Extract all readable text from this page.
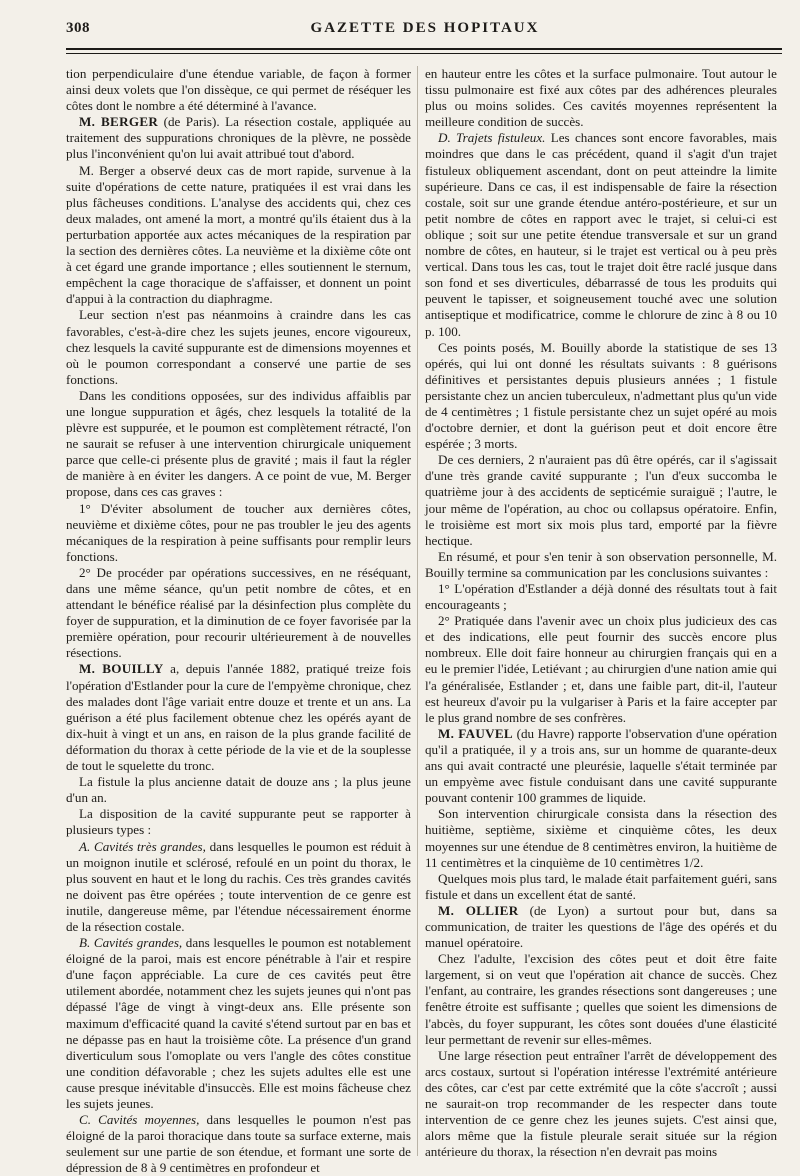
308	GAZETTE DES HOPITAUX

tion perpendiculaire d'une étendue variable, de façon à former ainsi deux volets que l'on dissèque, ce qui permet de réséquer les côtes dont le nombre a été déterminé à l'avance.

M. BERGER (de Paris). La résection costale, appliquée au traitement des suppurations chroniques de la plèvre, ne possède plus l'inconvénient qu'on lui avait attribué tout d'abord.

M. Berger a observé deux cas de mort rapide, survenue à la suite d'opérations de cette nature, pratiquées il est vrai dans les plus fâcheuses conditions. L'analyse des accidents qui, chez ces deux malades, ont amené la mort, a montré qu'ils étaient dus à la perturbation apportée aux actes mécaniques de la respiration par la section des dernières côtes. La neuvième et la dixième côte ont à cet égard une grande importance ; elles soutiennent le sternum, empêchent la cage thoracique de s'affaisser, et donnent un point d'appui à la contraction du diaphragme.

Leur section n'est pas néanmoins à craindre dans les cas favorables, c'est-à-dire chez les sujets jeunes, encore vigoureux, chez lesquels la cavité suppurante est de dimensions moyennes et où le poumon correspondant a conservé une partie de ses fonctions.

Dans les conditions opposées, sur des individus affaiblis par une longue suppuration et âgés, chez lesquels la totalité de la plèvre est suppurée, et le poumon est complètement rétracté, l'on ne saurait se refuser à une intervention chirurgicale uniquement parce que celle-ci présente plus de gravité ; mais il faut la régler de manière à en éviter les dangers. A ce point de vue, M. Berger propose, dans ces cas graves :

1° D'éviter absolument de toucher aux dernières côtes, neuvième et dixième côtes, pour ne pas troubler le jeu des agents mécaniques de la respiration à peine suffisants pour remplir leurs fonctions.

2° De procéder par opérations successives, en ne réséquant, dans une même séance, qu'un petit nombre de côtes, et en attendant le bénéfice réalisé par la désinfection plus complète du foyer de suppuration, et la diminution de ce foyer favorisée par la première opération, pour recourir ultérieurement à de nouvelles résections.

M. BOUILLY a, depuis l'année 1882, pratiqué treize fois l'opération d'Estlander pour la cure de l'empyème chronique, chez des malades dont l'âge variait entre douze et trente et un ans. La guérison a été plus facilement obtenue chez les opérés ayant de dix-huit à vingt et un ans, en raison de la plus grande facilité de déformation du thorax à cette période de la vie et de la souplesse de tout le squelette du tronc.

La fistule la plus ancienne datait de douze ans ; la plus jeune d'un an.

La disposition de la cavité suppurante peut se rapporter à plusieurs types :

A. Cavités très grandes, dans lesquelles le poumon est réduit à un moignon inutile et sclérosé, refoulé en un point du thorax, le plus souvent en haut et le long du rachis. Ces très grandes cavités ne doivent pas être opérées ; toute intervention de ce genre est inutile, dangereuse même, par l'étendue nécessairement énorme de la résection costale.

B. Cavités grandes, dans lesquelles le poumon est notablement éloigné de la paroi, mais est encore pénétrable à l'air et respire d'une façon appréciable. La cure de ces cavités peut être utilement abordée, notamment chez les sujets jeunes qui n'ont pas dépassé l'âge de vingt à vingt-deux ans. Elle présente son maximum d'efficacité quand la cavité s'étend surtout par en bas et ne dépasse pas en haut la troisième côte. La présence d'un grand diverticulum sous l'omoplate ou vers l'angle des côtes constitue une condition défavorable ; chez les sujets adultes elle est une cause presque inévitable d'insuccès. Elle est moins fâcheuse chez les sujets jeunes.

C. Cavités moyennes, dans lesquelles le poumon n'est pas éloigné de la paroi thoracique dans toute sa surface externe, mais seulement sur une partie de son étendue, et formant une sorte de dépression de 8 à 9 centimètres en profondeur et

en hauteur entre les côtes et la surface pulmonaire. Tout autour le tissu pulmonaire est fixé aux côtes par des adhérences pleurales plus ou moins solides. Ces cavités moyennes représentent la meilleure condition de succès.

D. Trajets fistuleux. Les chances sont encore favorables, mais moindres que dans le cas précédent, quand il s'agit d'un trajet fistuleux obliquement ascendant, dont on peut atteindre la limite supérieure. Dans ce cas, il est indispensable de faire la résection costale, soit sur une grande étendue antéro-postérieure, et sur un petit nombre de côtes en rapport avec le trajet, si celui-ci est oblique ; soit sur une petite étendue transversale et sur un grand nombre de côtes, en hauteur, si le trajet est vertical ou à peu près vertical. Dans tous les cas, tout le trajet doit être raclé jusque dans son fond et ses diverticules, débarrassé de tous les produits qui peuvent le tapisser, et soigneusement touché avec une solution antiseptique et modificatrice, comme le chlorure de zinc à 8 ou 10 p. 100.

Ces points posés, M. Bouilly aborde la statistique de ses 13 opérés, qui lui ont donné les résultats suivants : 8 guérisons définitives et persistantes depuis plusieurs années ; 1 fistule persistante chez un ancien tuberculeux, n'admettant plus qu'un vide de 4 centimètres ; 1 fistule persistante chez un sujet opéré au mois d'octobre dernier, et dont la guérison peut et doit encore être espérée ; 3 morts.

De ces derniers, 2 n'auraient pas dû être opérés, car il s'agissait d'une très grande cavité suppurante ; l'un d'eux succomba le quatrième jour à des accidents de septicémie suraiguë ; l'autre, le jour même de l'opération, au choc ou collapsus opératoire. Enfin, le troisième est mort six mois plus tard, emporté par la fièvre hectique.

En résumé, et pour s'en tenir à son observation personnelle, M. Bouilly termine sa communication par les conclusions suivantes :

1° L'opération d'Estlander a déjà donné des résultats tout à fait encourageants ;

2° Pratiquée dans l'avenir avec un choix plus judicieux des cas et des indications, elle peut fournir des succès encore plus nombreux. Elle doit faire honneur au chirurgien français qui en a eu le premier l'idée, Letiévant ; au chirurgien d'une nation amie qui l'a généralisée, Estlander ; et, dans une faible part, dit-il, l'auteur est heureux d'avoir pu la vulgariser à Paris et la faire accepter par le plus grand nombre de ses confrères.

M. FAUVEL (du Havre) rapporte l'observation d'une opération qu'il a pratiquée, il y a trois ans, sur un homme de quarante-deux ans qui avait contracté une pleurésie, laquelle s'était terminée par un empyème avec fistule conduisant dans une cavité suppurante pouvant contenir 100 grammes de liquide.

Son intervention chirurgicale consista dans la résection des huitième, septième, sixième et cinquième côtes, les deux moyennes sur une étendue de 8 centimètres environ, la huitième de 11 centimètres et la cinquième de 10 centimètres 1/2.

Quelques mois plus tard, le malade était parfaitement guéri, sans fistule et dans un excellent état de santé.

M. OLLIER (de Lyon) a surtout pour but, dans sa communication, de traiter les questions de l'âge des opérés et du manuel opératoire.

Chez l'adulte, l'excision des côtes peut et doit être faite largement, si on veut que l'opération ait chance de succès. Chez l'enfant, au contraire, les grandes résections sont dangereuses ; une fenêtre étroite est suffisante ; quelles que soient les dimensions de l'abcès, du foyer suppurant, les côtes sont douées d'une élasticité leur permettant de revenir sur elles-mêmes.

Une large résection peut entraîner l'arrêt de développement des arcs costaux, surtout si l'opération intéresse l'extrémité antérieure des côtes, car c'est par cette extrémité que la côte s'accroît ; aussi ne saurait-on trop recommander de les respecter dans toute intervention de ce genre chez les jeunes sujets. C'est ainsi que, alors même que la fistule pleurale serait située sur la région antérieure du thorax, la résection n'en devrait pas moins
